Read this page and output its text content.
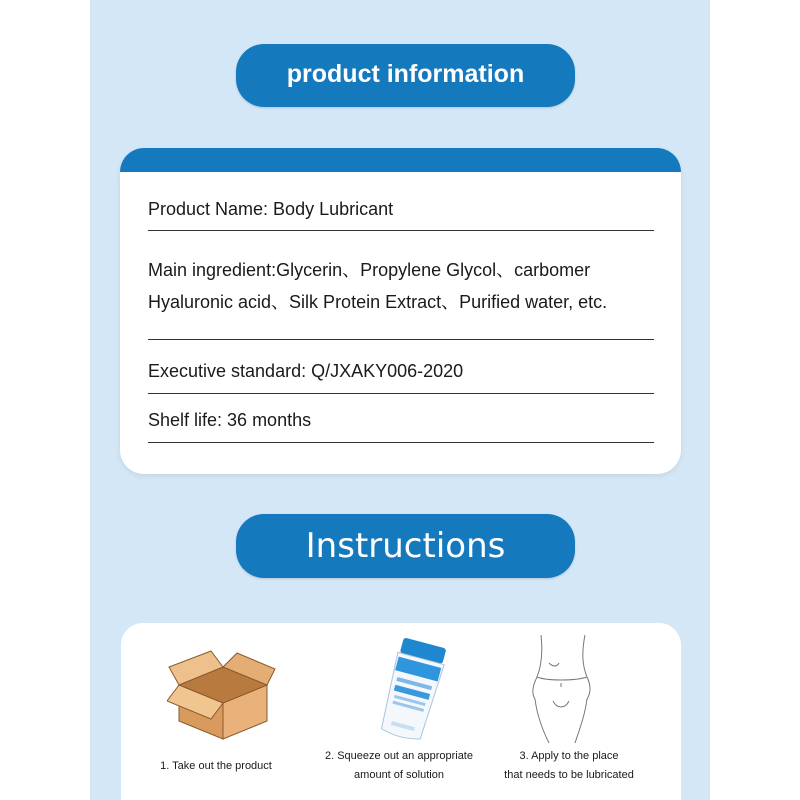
product information
Product Name: Body Lubricant
Main ingredient:Glycerin、Propylene Glycol、carbomer
Hyaluronic acid、Silk Protein Extract、Purified water, etc.
Executive standard: Q/JXAKY006-2020
Shelf life: 36 months
Instructions
1. Take out the product
2. Squeeze out an appropriate
amount of solution
3. Apply to the place
that needs to be lubricated
